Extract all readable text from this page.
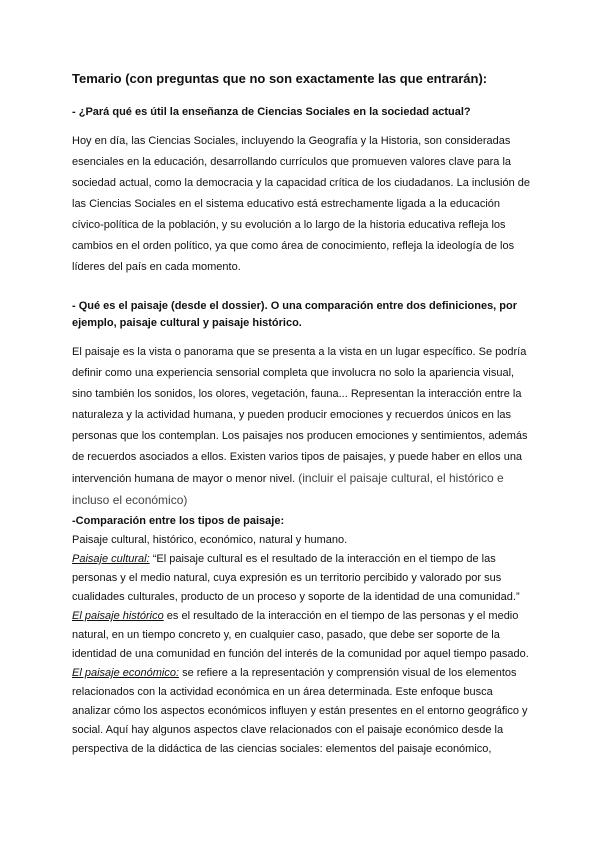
Temario (con preguntas que no son exactamente las que entrarán):
- ¿Pará qué es útil la enseñanza de Ciencias Sociales en la sociedad actual?

Hoy en día, las Ciencias Sociales, incluyendo la Geografía y la Historia, son consideradas esenciales en la educación, desarrollando currículos que promueven valores clave para la sociedad actual, como la democracia y la capacidad crítica de los ciudadanos. La inclusión de las Ciencias Sociales en el sistema educativo está estrechamente ligada a la educación cívico-política de la población, y su evolución a lo largo de la historia educativa refleja los cambios en el orden político, ya que como área de conocimiento, refleja la ideología de los líderes del país en cada momento.

- Qué es el paisaje (desde el dossier). O una comparación entre dos definiciones, por ejemplo, paisaje cultural y paisaje histórico.

El paisaje es la vista o panorama que se presenta a la vista en un lugar específico. Se podría definir como una experiencia sensorial completa que involucra no solo la apariencia visual, sino también los sonidos, los olores, vegetación, fauna... Representan la interacción entre la naturaleza y la actividad humana, y pueden producir emociones y recuerdos únicos en las personas que los contemplan. Los paisajes nos producen emociones y sentimientos, además de recuerdos asociados a ellos. Existen varios tipos de paisajes, y puede haber en ellos una intervención humana de mayor o menor nivel. (incluir el paisaje cultural, el histórico e incluso el económico)

-Comparación entre los tipos de paisaje:

Paisaje cultural, histórico, económico, natural y humano.

Paisaje cultural: “El paisaje cultural es el resultado de la interacción en el tiempo de las personas y el medio natural, cuya expresión es un territorio percibido y valorado por sus cualidades culturales, producto de un proceso y soporte de la identidad de una comunidad.”

El paisaje histórico es el resultado de la interacción en el tiempo de las personas y el medio natural, en un tiempo concreto y, en cualquier caso, pasado, que debe ser soporte de la identidad de una comunidad en función del interés de la comunidad por aquel tiempo pasado.

El paisaje económico: se refiere a la representación y comprensión visual de los elementos relacionados con la actividad económica en un área determinada. Este enfoque busca analizar cómo los aspectos económicos influyen y están presentes en el entorno geográfico y social. Aquí hay algunos aspectos clave relacionados con el paisaje económico desde la perspectiva de la didáctica de las ciencias sociales: elementos del paisaje económico,
